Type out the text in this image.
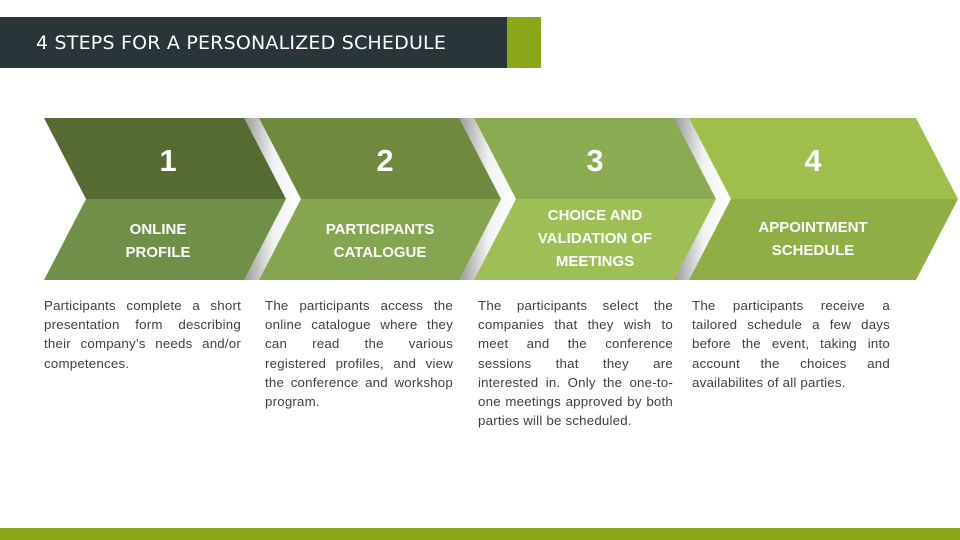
4 STEPS FOR A PERSONALIZED SCHEDULE
1	2	3	4
ONLINE
PROFILE
PARTICIPANTS
CATALOGUE
CHOICE AND
VALIDATION OF
MEETINGS
APPOINTMENT
SCHEDULE
Participants complete a short presentation form describing their company’s needs and/or competences.
The participants access the online catalogue where they can read the various registered profiles, and view the conference and workshop program.
The participants select the companies that they wish to meet and the conference sessions that they are interested in. Only the one-to-one meetings approved by both parties will be scheduled.
The participants receive a tailored schedule a few days before the event, taking into account the choices and availabilites of all parties.
